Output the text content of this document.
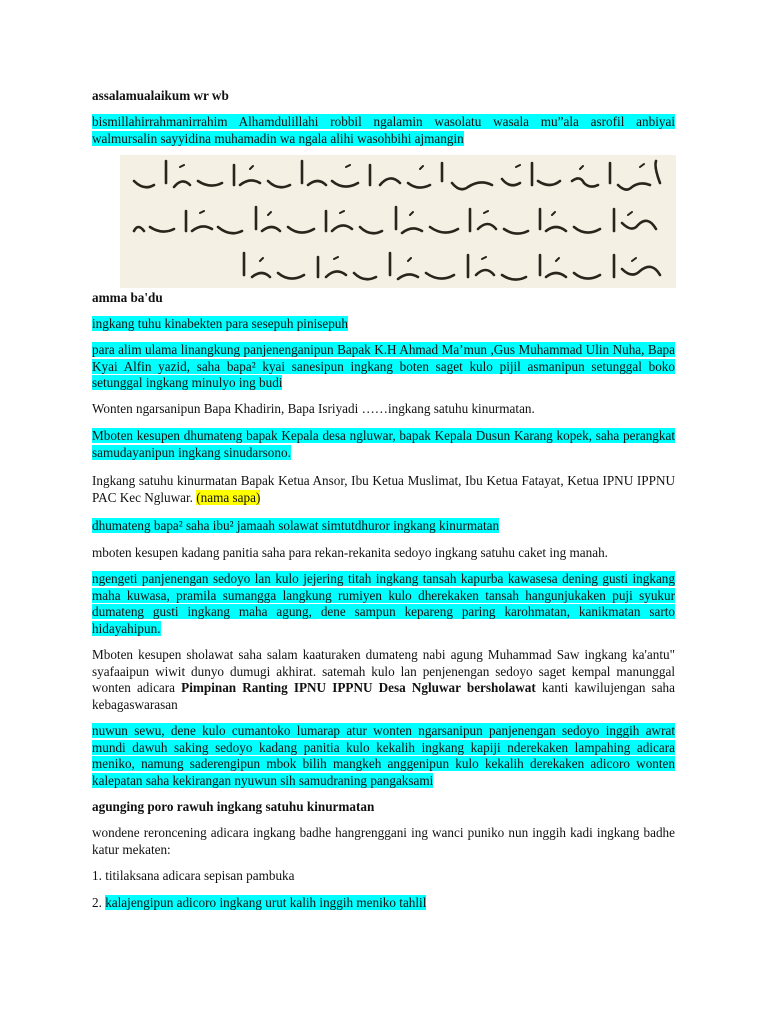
assalamualaikum wr wb

bismillahirrahmanirrahim Alhamdulillahi robbil ngalamin wasolatu wasala mu”ala asrofil anbiyai walmursalin sayyidina muhamadin wa ngala alihi wasohbihi ajmangin

amma ba'du

ingkang tuhu kinabekten para sesepuh pinisepuh

para alim ulama linangkung panjenenganipun Bapak K.H Ahmad Ma’mun ,Gus Muhammad Ulin Nuha, Bapa Kyai Alfin yazid, saha bapa² kyai sanesipun ingkang boten saget kulo pijil asmanipun setunggal boko setunggal ingkang minulyo ing budi

Wonten ngarsanipun Bapa Khadirin, Bapa Isriyadi ……ingkang satuhu kinurmatan.

Mboten kesupen dhumateng bapak Kepala desa ngluwar, bapak Kepala Dusun Karang kopek, saha perangkat samudayanipun ingkang sinudarsono.

Ingkang satuhu kinurmatan Bapak Ketua Ansor, Ibu Ketua Muslimat, Ibu Ketua Fatayat, Ketua IPNU IPPNU PAC Kec Ngluwar. (nama sapa)

dhumateng bapa² saha ibu² jamaah solawat simtutdhuror ingkang kinurmatan

mboten kesupen kadang panitia saha para rekan-rekanita sedoyo ingkang satuhu caket ing manah.

ngengeti panjenengan sedoyo lan kulo jejering titah ingkang tansah kapurba kawasesa dening gusti ingkang maha kuwasa, pramila sumangga langkung rumiyen kulo dherekaken tansah hangunjukaken puji syukur dumateng gusti ingkang maha agung, dene sampun kepareng paring karohmatan, kanikmatan sarto hidayahipun.

Mboten kesupen sholawat saha salam kaaturaken dumateng nabi agung Muhammad Saw ingkang ka'antu" syafaaipun wiwit dunyo dumugi akhirat. satemah kulo lan penjenengan sedoyo saget kempal manunggal wonten adicara Pimpinan Ranting IPNU IPPNU Desa Ngluwar bersholawat kanti kawilujengan saha kebagaswarasan

nuwun sewu, dene kulo cumantoko lumarap atur wonten ngarsanipun panjenengan sedoyo inggih awrat mundi dawuh saking sedoyo kadang panitia kulo kekalih ingkang kapiji nderekaken lampahing adicara meniko, namung saderengipun mbok bilih mangkeh anggenipun kulo kekalih derekaken adicoro wonten kalepatan saha kekirangan nyuwun sih samudraning pangaksami

agunging poro rawuh ingkang satuhu kinurmatan

wondene reroncening adicara ingkang badhe hangrenggani ing wanci puniko nun inggih kadi ingkang badhe katur mekaten:

1. titilaksana adicara sepisan pambuka

2. kalajengipun adicoro ingkang urut kalih inggih meniko tahlil
